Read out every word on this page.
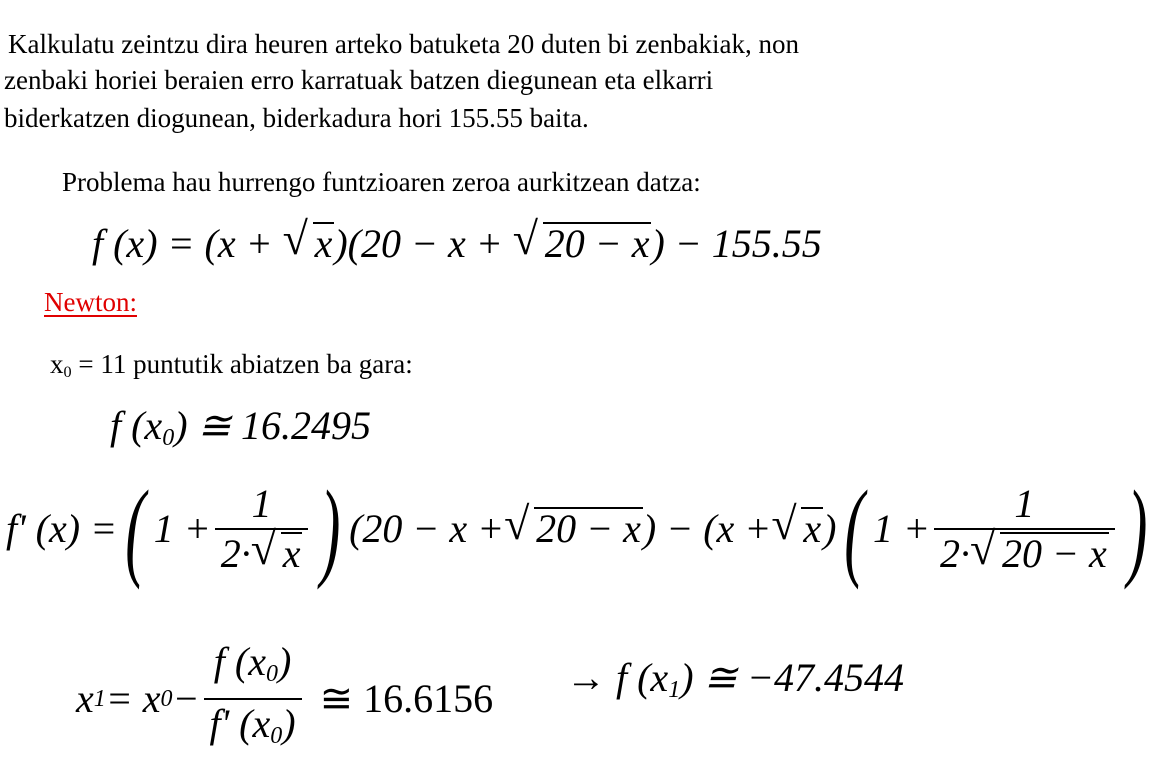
Kalkulatu zeintzu dira heuren arteko batuketa 20 duten bi zenbakiak, non
zenbaki horiei beraien erro karratuak batzen diegunean eta elkarri
biderkatzen diogunean, biderkadura hori 155.55 baita.
Problema hau hurrengo funtzioaren zeroa aurkitzean datza:
f (x) = (x + √ x)(20 − x + √ 20 − x) − 155.55
Newton:
$x_0 = 11$ puntutik abiatzen ba gara:
f $(x_0)$ ≅ 16.2495
f' (x) = ( $1 + \frac{1}{2\cdot √ x}$ ) (20 − x + √ 20 − x ) − (x + √ x ) ( $1 + \frac{1}{2\cdot √ 20 - x}$ )
x 1 = x $0 - \frac{f (x_0)}{f' (x_0)}$ ≅ 16.6156 → f $(x_1)$ ≅ −47.4544
